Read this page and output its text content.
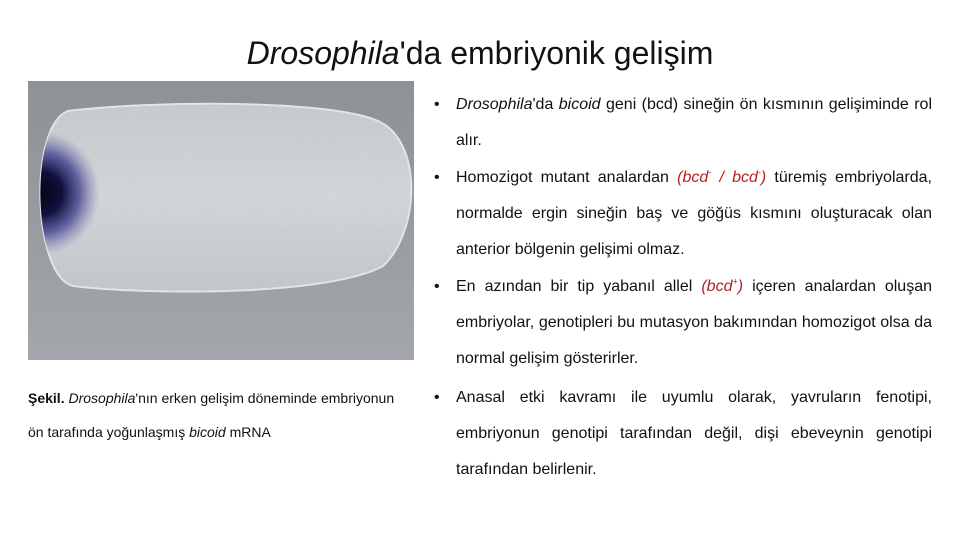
Drosophila'da embriyonik gelişim
Şekil. Drosophila'nın erken gelişim döneminde embriyonun ön tarafında yoğunlaşmış bicoid mRNA
• Drosophila'da bicoid geni (bcd) sineğin ön kısmının gelişiminde rol alır.
• Homozigot mutant analardan (bcd- / bcd-) türemiş embriyolarda, normalde ergin sineğin baş ve göğüs kısmını oluşturacak olan anterior bölgenin gelişimi olmaz.
• En azından bir tip yabanıl allel (bcd+) içeren analardan oluşan embriyolar, genotipleri bu mutasyon bakımından homozigot olsa da normal gelişim gösterirler.
• Anasal etki kavramı ile uyumlu olarak, yavruların fenotipi, embriyonun genotipi tarafından değil, dişi ebeveynin genotipi tarafından belirlenir.
